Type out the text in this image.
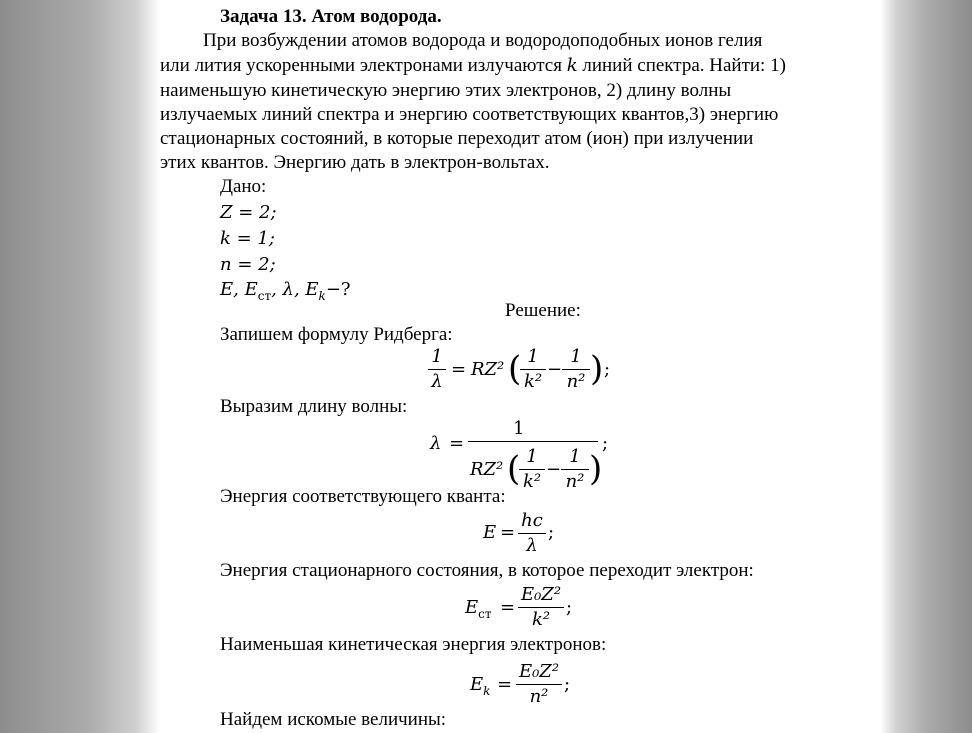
Задача 13. Атом водорода.
При возбуждении атомов водорода и водородоподобных ионов гелия
или лития ускоренными электронами излучаются k линий спектра. Найти: 1)
наименьшую кинетическую энергию этих электронов, 2) длину волны
излучаемых линий спектра и энергию соответствующих квантов,3) энергию
стационарных состояний, в которые переходит атом (ион) при излучении
этих квантов. Энергию дать в электрон-вольтах.
Дано:
Z = 2;
k = 1;
n = 2;
E, $E_{ст}$, λ, $E_k-$?
Решение:
Запишем формулу Ридберга:
1
λ
= RZ² ( 1
k²
−
1
n² ) ;
Выразим длину волны:
λ =
1
RZ² ( 1
k²
−
1
n² )
;
Энергия соответствующего кванта:
E =
hc
λ
;
Энергия стационарного состояния, в которое переходит электрон:
$E_{ст}$ =
E₀Z²
k²
;
Наименьшая кинетическая энергия электронов:
$E_k$ =
E₀Z²
n²
;
Найдем искомые величины:
